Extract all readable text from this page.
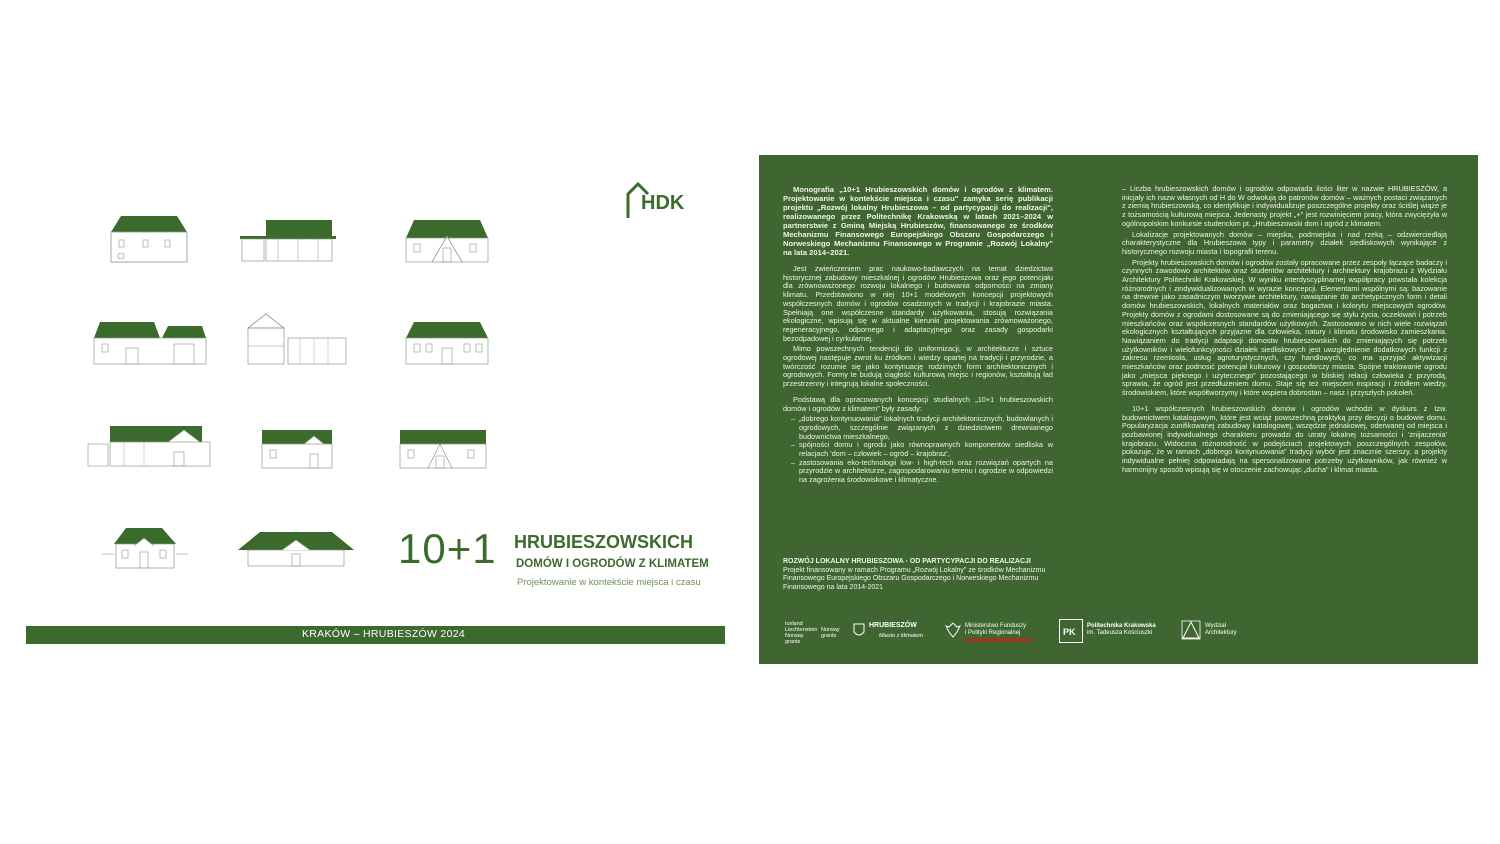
HDK
10+1 HRUBIESZOWSKICH
DOMÓW I OGRODÓW Z KLIMATEM
Projektowanie w kontekście miejsca i czasu
KRAKÓW – HRUBIESZÓW 2024

Monografia „10+1 Hrubieszowskich domów i ogrodów z klimatem. Projektowanie w kontekście miejsca i czasu" zamyka serię publikacji projektu „Rozwój lokalny Hrubieszowa – od partycypacji do realizacji", realizowanego przez Politechnikę Krakowską w latach 2021–2024 w partnerstwie z Gminą Miejską Hrubieszów, finansowanego ze środków Mechanizmu Finansowego Europejskiego Obszaru Gospodarczego i Norweskiego Mechanizmu Finansowego w Programie „Rozwój Lokalny" na lata 2014–2021.

Jest zwieńczeniem prac naukowo-badawczych na temat dziedzictwa historycznej zabudowy mieszkalnej i ogrodów Hrubieszowa oraz jego potencjału dla zrównoważonego rozwoju lokalnego i budowania odporności na zmiany klimatu. Przedstawiono w niej 10+1 modelowych koncepcji projektowych współczesnych domów i ogrodów osadzonych w tradycji i krajobrazie miasta. Spełniają one współczesne standardy użytkowania, stosują rozwiązania ekologiczne, wpisują się w aktualne kierunki projektowania zrównoważonego, regeneracyjnego, odpornego i adaptacyjnego oraz zasady gospodarki bezodpadowej i cyrkularnej.

Mimo powszechnych tendencji do uniformizacji, w architekturze i sztuce ogrodowej następuje zwrot ku źródłom i wiedzy opartej na tradycji i przyrodzie, a twórczość rozumie się jako kontynuację rodzimych form architektonicznych i ogrodowych. Formy te budują ciągłość kulturową miejsc i regionów, kształtują ład przestrzenny i integrują lokalne społeczności.

Podstawą dla opracowanych koncepcji studialnych „10+1 hrubieszowskich domów i ogrodów z klimatem" były zasady:

– „dobrego kontynuowania" lokalnych tradycji architektonicznych, budowlanych i ogrodowych, szczególnie związanych z dziedzictwem drewnianego budownictwa mieszkalnego,
– spójności domu i ogrodu jako równoprawnych komponentów siedliska w relacjach 'dom – człowiek – ogród – krajobraz',
– zastosowania eko-technologii low- i high-tech oraz rozwiązań opartych na przyrodzie w architekturze, zagospodarowaniu terenu i ogrodzie w odpowiedzi na zagrożenia środowiskowe i klimatyczne.
ROZWÓJ LOKALNY HRUBIESZOWA - OD PARTYCYPACJI DO REALIZACJI
Projekt finansowany w ramach Programu „Rozwój Lokalny" ze środków Mechanizmu Finansowego Europejskiego Obszaru Gospodarczego i Norweskiego Mechanizmu Finansowego na lata 2014-2021

– Liczba hrubieszowskich domów i ogrodów odpowiada ilości liter w nazwie HRUBIESZÓW, a inicjały ich nazw własnych od H do W odwołują do patronów domów – ważnych postaci związanych z ziemią hrubieszowską, co identyfikuje i indywidualizuje poszczególne projekty oraz ściślej wiąże je z tożsamością kulturową miejsca. Jedenasty projekt „+" jest rozwinięciem pracy, która zwyciężyła w ogólnopolskim konkursie studenckim pt. „Hrubieszowski dom i ogród z klimatem.

Lokalizacje projektowanych domów – miejska, podmiejska i nad rzeką – odzwierciedlają charakterystyczne dla Hrubieszowa typy i parametry działek siedliskowych wynikające z historycznego rozwoju miasta i topografii terenu.

Projekty hrubieszowskich domów i ogrodów zostały opracowane przez zespoły łączące badaczy i czynnych zawodowo architektów oraz studentów architektury i architektury krajobrazu z Wydziału Architektury Politechniki Krakowskiej. W wyniku interdyscyplinarnej współpracy powstała kolekcja różnorodnych i zindywidualizowanych w wyrazie koncepcji. Elementami wspólnymi są: bazowanie na drewnie jako zasadniczym tworzywie architektury, nawiązanie do archetypicznych form i detali domów hrubieszowskich, lokalnych materiałów oraz bogactwa i kolorytu miejscowych ogrodów. Projekty domów z ogrodami dostosowane są do zmieniającego się stylu życia, oczekiwań i potrzeb mieszkańców oraz współczesnych standardów użytkowych. Zastosowano w nich wiele rozwiązań ekologicznych kształtujących przyjazne dla człowieka, natury i klimatu środowisko zamieszkania. Nawiązaniem do tradycji adaptacji domostw hrubieszowskich do zmieniających się potrzeb użytkowników i wielofunkcyjności działek siedliskowych jest uwzględnienie dodatkowych funkcji z zakresu rzemiosła, usług agroturystycznych, czy handlowych, co ma sprzyjać aktywizacji mieszkańców oraz podnosić potencjał kulturowy i gospodarczy miasta. Spójne traktowanie ogrodu jako „miejsca pięknego i użytecznego" pozostającego w bliskiej relacji człowieka z przyrodą, sprawia, że ogród jest przedłużeniem domu. Staje się też miejscem inspiracji i źródłem wiedzy, środowiskiem, które współtworzymy i które wspiera dobrostan – nasz i przyszłych pokoleń.

10+1 współczesnych hrubieszowskich domów i ogrodów wchodzi w dyskurs z tzw. budownictwem katalogowym, które jest wciąż powszechną praktyką przy decyzji o budowie domu. Popularyzacja zunifikowanej zabudowy katalogowej, wszędzie jednakowej, oderwanej od miejsca i pozbawionej indywidualnego charakteru prowadzi do utraty lokalnej tożsamości i 'znijaczenia' krajobrazu. Widoczna różnorodność w podejściach projektowych poszczególnych zespołów, pokazuje, że w ramach „dobrego kontynuowania" tradycji wybór jest znacznie szerszy, a projekty indywidualne pełniej odpowiadają na spersonalizowane potrzeby użytkowników, jak również w harmonijny sposób wpisują się w otoczenie zachowując „ducha" i klimat miasta.

Iceland
Liechtenstein
Norway
grants
Norway
grants
HRUBIESZÓW
Miasto z klimatem
Ministerstwo Funduszy
i Polityki Regionalnej	PK
Politechnika Krakowska
im. Tadeusza Kościuszki
Wydział
Architektury
